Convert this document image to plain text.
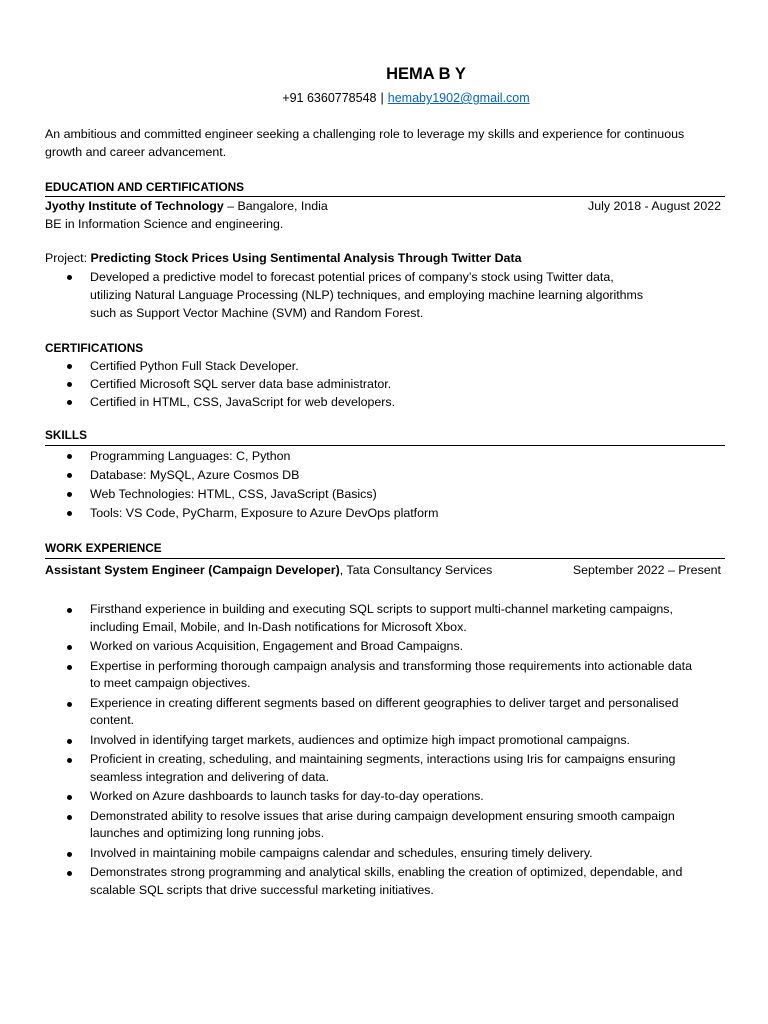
HEMA B Y
+91 6360778548 | hemaby1902@gmail.com
An ambitious and committed engineer seeking a challenging role to leverage my skills and experience for continuous
growth and career advancement.
EDUCATION AND CERTIFICATIONS
Jyothy Institute of Technology – Bangalore, India	July 2018 - August 2022
BE in Information Science and engineering.
Project: Predicting Stock Prices Using Sentimental Analysis Through Twitter Data
Developed a predictive model to forecast potential prices of company’s stock using Twitter data,
utilizing Natural Language Processing (NLP) techniques, and employing machine learning algorithms
such as Support Vector Machine (SVM) and Random Forest.
CERTIFICATIONS
Certified Python Full Stack Developer.
Certified Microsoft SQL server data base administrator.
Certified in HTML, CSS, JavaScript for web developers.
SKILLS
Programming Languages: C, Python
Database: MySQL, Azure Cosmos DB
Web Technologies: HTML, CSS, JavaScript (Basics)
Tools: VS Code, PyCharm, Exposure to Azure DevOps platform
WORK EXPERIENCE
Assistant System Engineer (Campaign Developer), Tata Consultancy Services	September 2022 – Present
Firsthand experience in building and executing SQL scripts to support multi-channel marketing campaigns,
including Email, Mobile, and In-Dash notifications for Microsoft Xbox.
Worked on various Acquisition, Engagement and Broad Campaigns.
Expertise in performing thorough campaign analysis and transforming those requirements into actionable data
to meet campaign objectives.
Experience in creating different segments based on different geographies to deliver target and personalised
content.
Involved in identifying target markets, audiences and optimize high impact promotional campaigns.
Proficient in creating, scheduling, and maintaining segments, interactions using Iris for campaigns ensuring
seamless integration and delivering of data.
Worked on Azure dashboards to launch tasks for day-to-day operations.
Demonstrated ability to resolve issues that arise during campaign development ensuring smooth campaign
launches and optimizing long running jobs.
Involved in maintaining mobile campaigns calendar and schedules, ensuring timely delivery.
Demonstrates strong programming and analytical skills, enabling the creation of optimized, dependable, and
scalable SQL scripts that drive successful marketing initiatives.
